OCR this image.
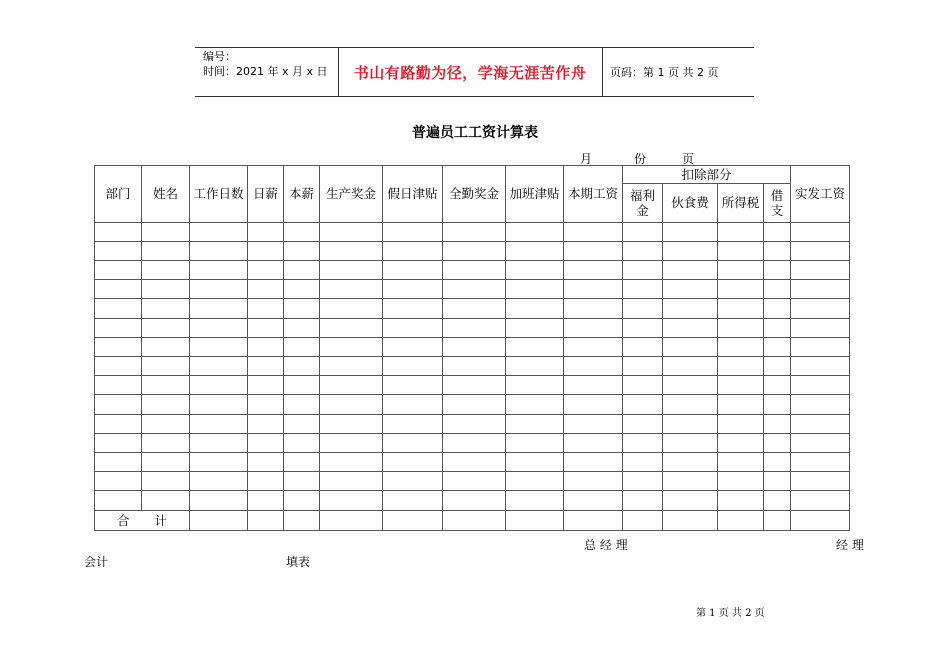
编号：
时间：2021 年 x 月 x 日	书山有路勤为径，学海无涯苦作舟	页码：第 1 页 共 2 页
普遍员工工资计算表
月	份	页
部门	姓名	工作日数	日薪	本薪	生产奖金	假日津贴	全勤奖金	加班津贴	本期工资	扣除部分				实发工资
										福利金	伙食费	所得税	借支	

合　　计														
总 经 理	经 理
会计	填表
第 1 页 共 2 页
